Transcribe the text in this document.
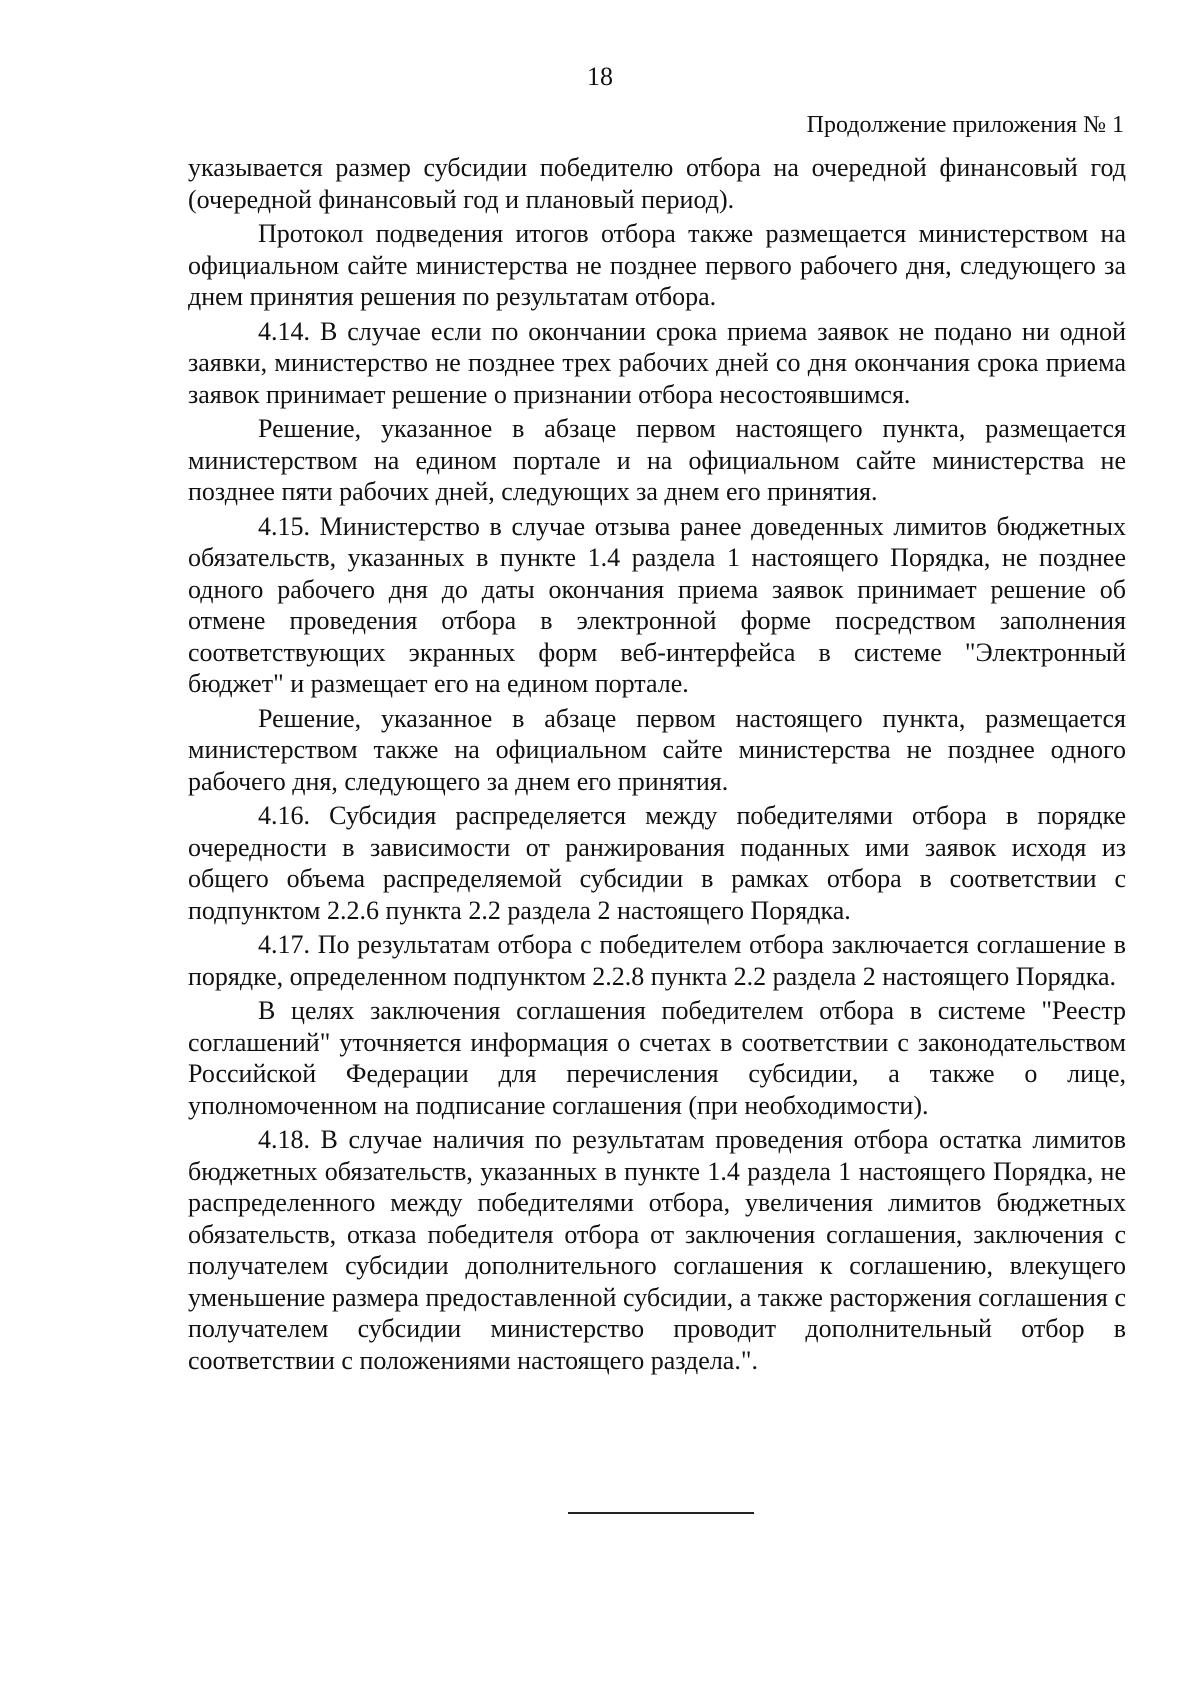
18
Продолжение приложения № 1

указывается размер субсидии победителю отбора на очередной финансовый год (очередной финансовый год и плановый период).

Протокол подведения итогов отбора также размещается министерством на официальном сайте министерства не позднее первого рабочего дня, следующего за днем принятия решения по результатам отбора.

4.14. В случае если по окончании срока приема заявок не подано ни одной заявки, министерство не позднее трех рабочих дней со дня окончания срока приема заявок принимает решение о признании отбора несостоявшимся.

Решение, указанное в абзаце первом настоящего пункта, размещается министерством на едином портале и на официальном сайте министерства не позднее пяти рабочих дней, следующих за днем его принятия.

4.15. Министерство в случае отзыва ранее доведенных лимитов бюджетных обязательств, указанных в пункте 1.4 раздела 1 настоящего Порядка, не позднее одного рабочего дня до даты окончания приема заявок принимает решение об отмене проведения отбора в электронной форме посредством заполнения соответствующих экранных форм веб-интерфейса в системе "Электронный бюджет" и размещает его на едином портале.

Решение, указанное в абзаце первом настоящего пункта, размещается министерством также на официальном сайте министерства не позднее одного рабочего дня, следующего за днем его принятия.

4.16. Субсидия распределяется между победителями отбора в порядке очередности в зависимости от ранжирования поданных ими заявок исходя из общего объема распределяемой субсидии в рамках отбора в соответствии с подпунктом 2.2.6 пункта 2.2 раздела 2 настоящего Порядка.

4.17. По результатам отбора с победителем отбора заключается соглашение в порядке, определенном подпунктом 2.2.8 пункта 2.2 раздела 2 настоящего Порядка.

В целях заключения соглашения победителем отбора в системе "Реестр соглашений" уточняется информация о счетах в соответствии с законодательством Российской Федерации для перечисления субсидии, а также о лице, уполномоченном на подписание соглашения (при необходимости).

4.18. В случае наличия по результатам проведения отбора остатка лимитов бюджетных обязательств, указанных в пункте 1.4 раздела 1 настоящего Порядка, не распределенного между победителями отбора, увеличения лимитов бюджетных обязательств, отказа победителя отбора от заключения соглашения, заключения с получателем субсидии дополнительного соглашения к соглашению, влекущего уменьшение размера предоставленной субсидии, а также расторжения соглашения с получателем субсидии министерство проводит дополнительный отбор в соответствии с положениями настоящего раздела.".
